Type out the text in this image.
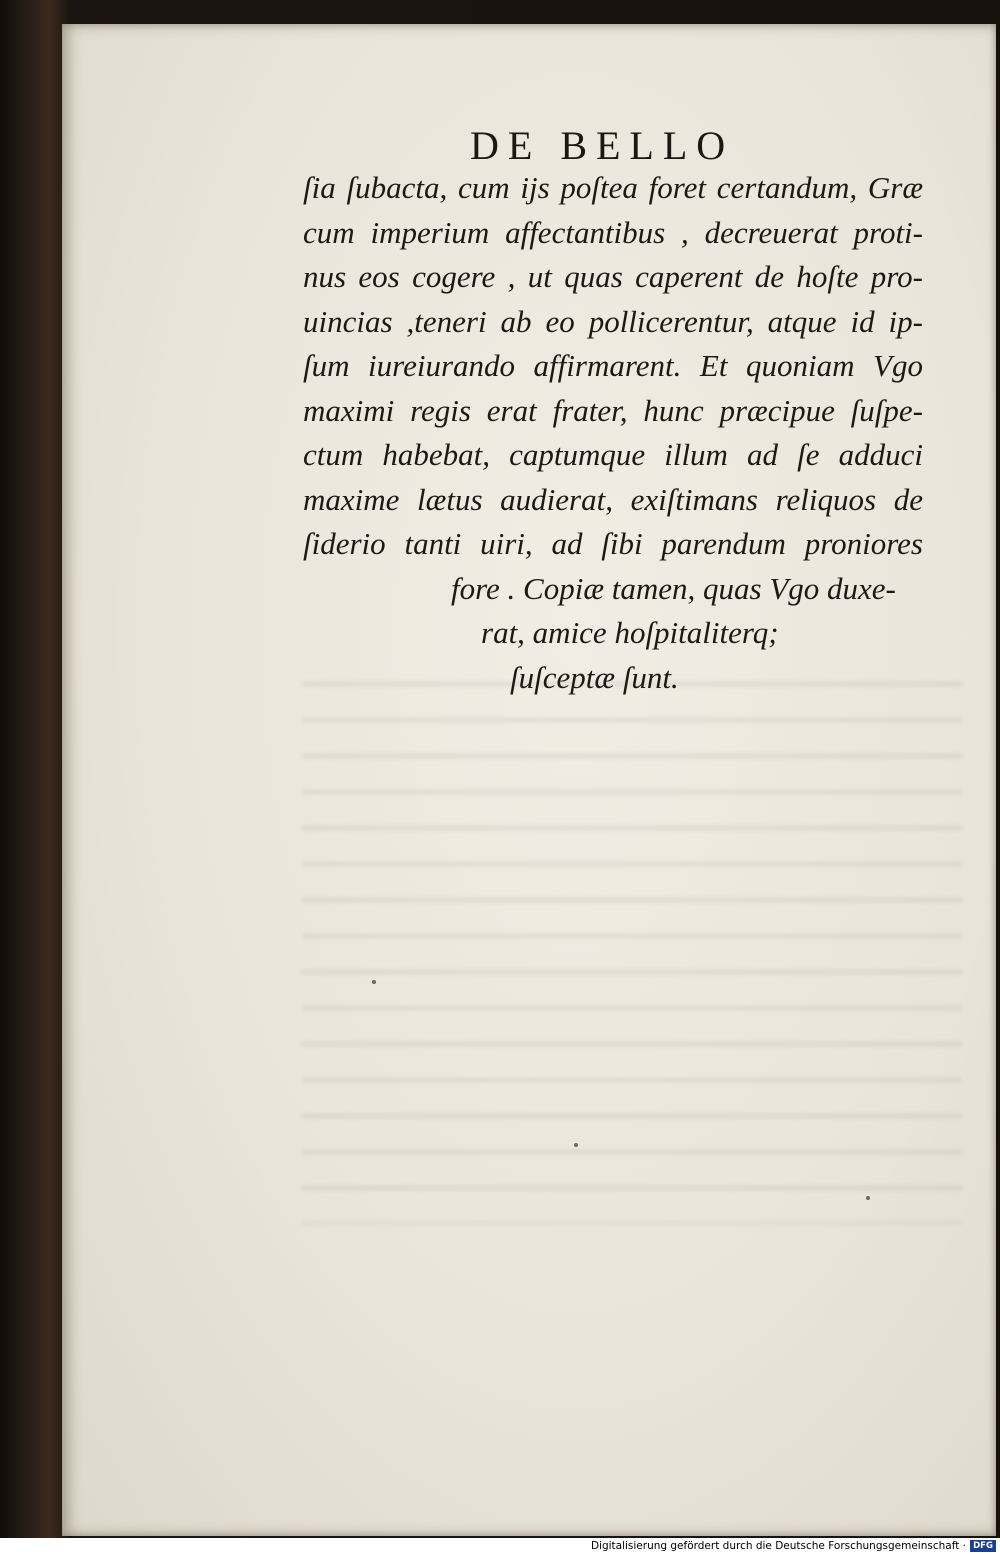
DE BELLO
ſia ſubacta, cum ijs poſtea foret certandum, Græ
cum imperium affectantibus , decreuerat proti-
nus eos cogere , ut quas caperent de hoſte pro-
uincias ,teneri ab eo pollicerentur, atque id ip-
ſum iureiurando affirmarent. Et quoniam Vgo
maximi regis erat frater, hunc præcipue ſuſpe-
ctum habebat, captumque illum ad ſe adduci
maxime lætus audierat, exiſtimans reliquos de
ſiderio tanti uiri, ad ſibi parendum proniores
fore . Copiæ tamen, quas Vgo duxe-
rat, amice hoſpitaliterq;
ſuſceptæ ſunt.
Digitalisierung gefördert durch die Deutsche Forschungsgemeinschaft · DFG
